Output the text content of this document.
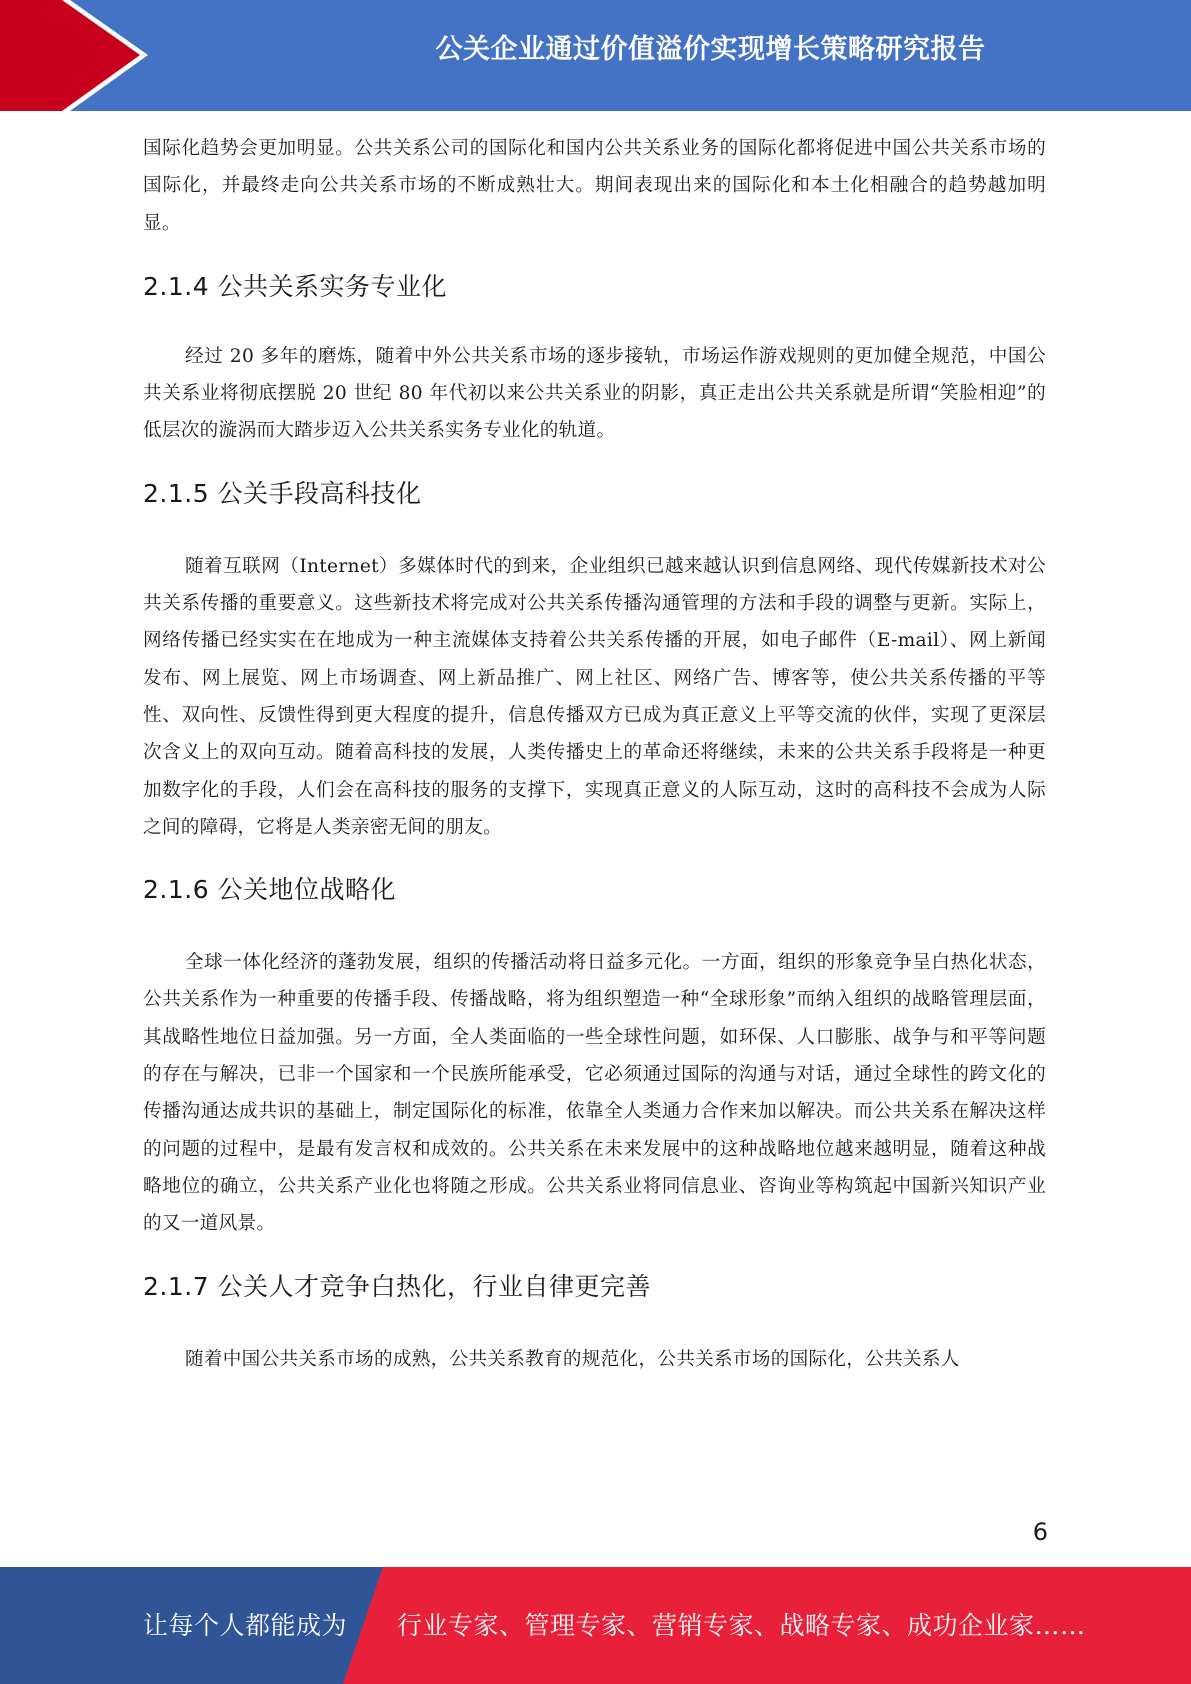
公关企业通过价值溢价实现增长策略研究报告

国际化趋势会更加明显。公共关系公司的国际化和国内公共关系业务的国际化都将促进中国公共关系市场的国际化，并最终走向公共关系市场的不断成熟壮大。期间表现出来的国际化和本土化相融合的趋势越加明显。

2.1.4 公共关系实务专业化

经过 20 多年的磨炼，随着中外公共关系市场的逐步接轨，市场运作游戏规则的更加健全规范，中国公共关系业将彻底摆脱 20 世纪 80 年代初以来公共关系业的阴影，真正走出公共关系就是所谓“笑脸相迎”的低层次的漩涡而大踏步迈入公共关系实务专业化的轨道。

2.1.5 公关手段高科技化

随着互联网（Internet）多媒体时代的到来，企业组织已越来越认识到信息网络、现代传媒新技术对公共关系传播的重要意义。这些新技术将完成对公共关系传播沟通管理的方法和手段的调整与更新。实际上，网络传播已经实实在在地成为一种主流媒体支持着公共关系传播的开展，如电子邮件（E-mail）、网上新闻发布、网上展览、网上市场调查、网上新品推广、网上社区、网络广告、博客等，使公共关系传播的平等性、双向性、反馈性得到更大程度的提升，信息传播双方已成为真正意义上平等交流的伙伴，实现了更深层次含义上的双向互动。随着高科技的发展，人类传播史上的革命还将继续，未来的公共关系手段将是一种更加数字化的手段，人们会在高科技的服务的支撑下，实现真正意义的人际互动，这时的高科技不会成为人际之间的障碍，它将是人类亲密无间的朋友。

2.1.6 公关地位战略化

全球一体化经济的蓬勃发展，组织的传播活动将日益多元化。一方面，组织的形象竞争呈白热化状态，公共关系作为一种重要的传播手段、传播战略，将为组织塑造一种“全球形象”而纳入组织的战略管理层面，其战略性地位日益加强。另一方面，全人类面临的一些全球性问题，如环保、人口膨胀、战争与和平等问题的存在与解决，已非一个国家和一个民族所能承受，它必须通过国际的沟通与对话，通过全球性的跨文化的传播沟通达成共识的基础上，制定国际化的标准，依靠全人类通力合作来加以解决。而公共关系在解决这样的问题的过程中，是最有发言权和成效的。公共关系在未来发展中的这种战略地位越来越明显，随着这种战略地位的确立，公共关系产业化也将随之形成。公共关系业将同信息业、咨询业等构筑起中国新兴知识产业的又一道风景。

2.1.7 公关人才竞争白热化，行业自律更完善

随着中国公共关系市场的成熟，公共关系教育的规范化，公共关系市场的国际化，公共关系人

6
让每个人都能成为 行业专家、管理专家、营销专家、战略专家、成功企业家……
